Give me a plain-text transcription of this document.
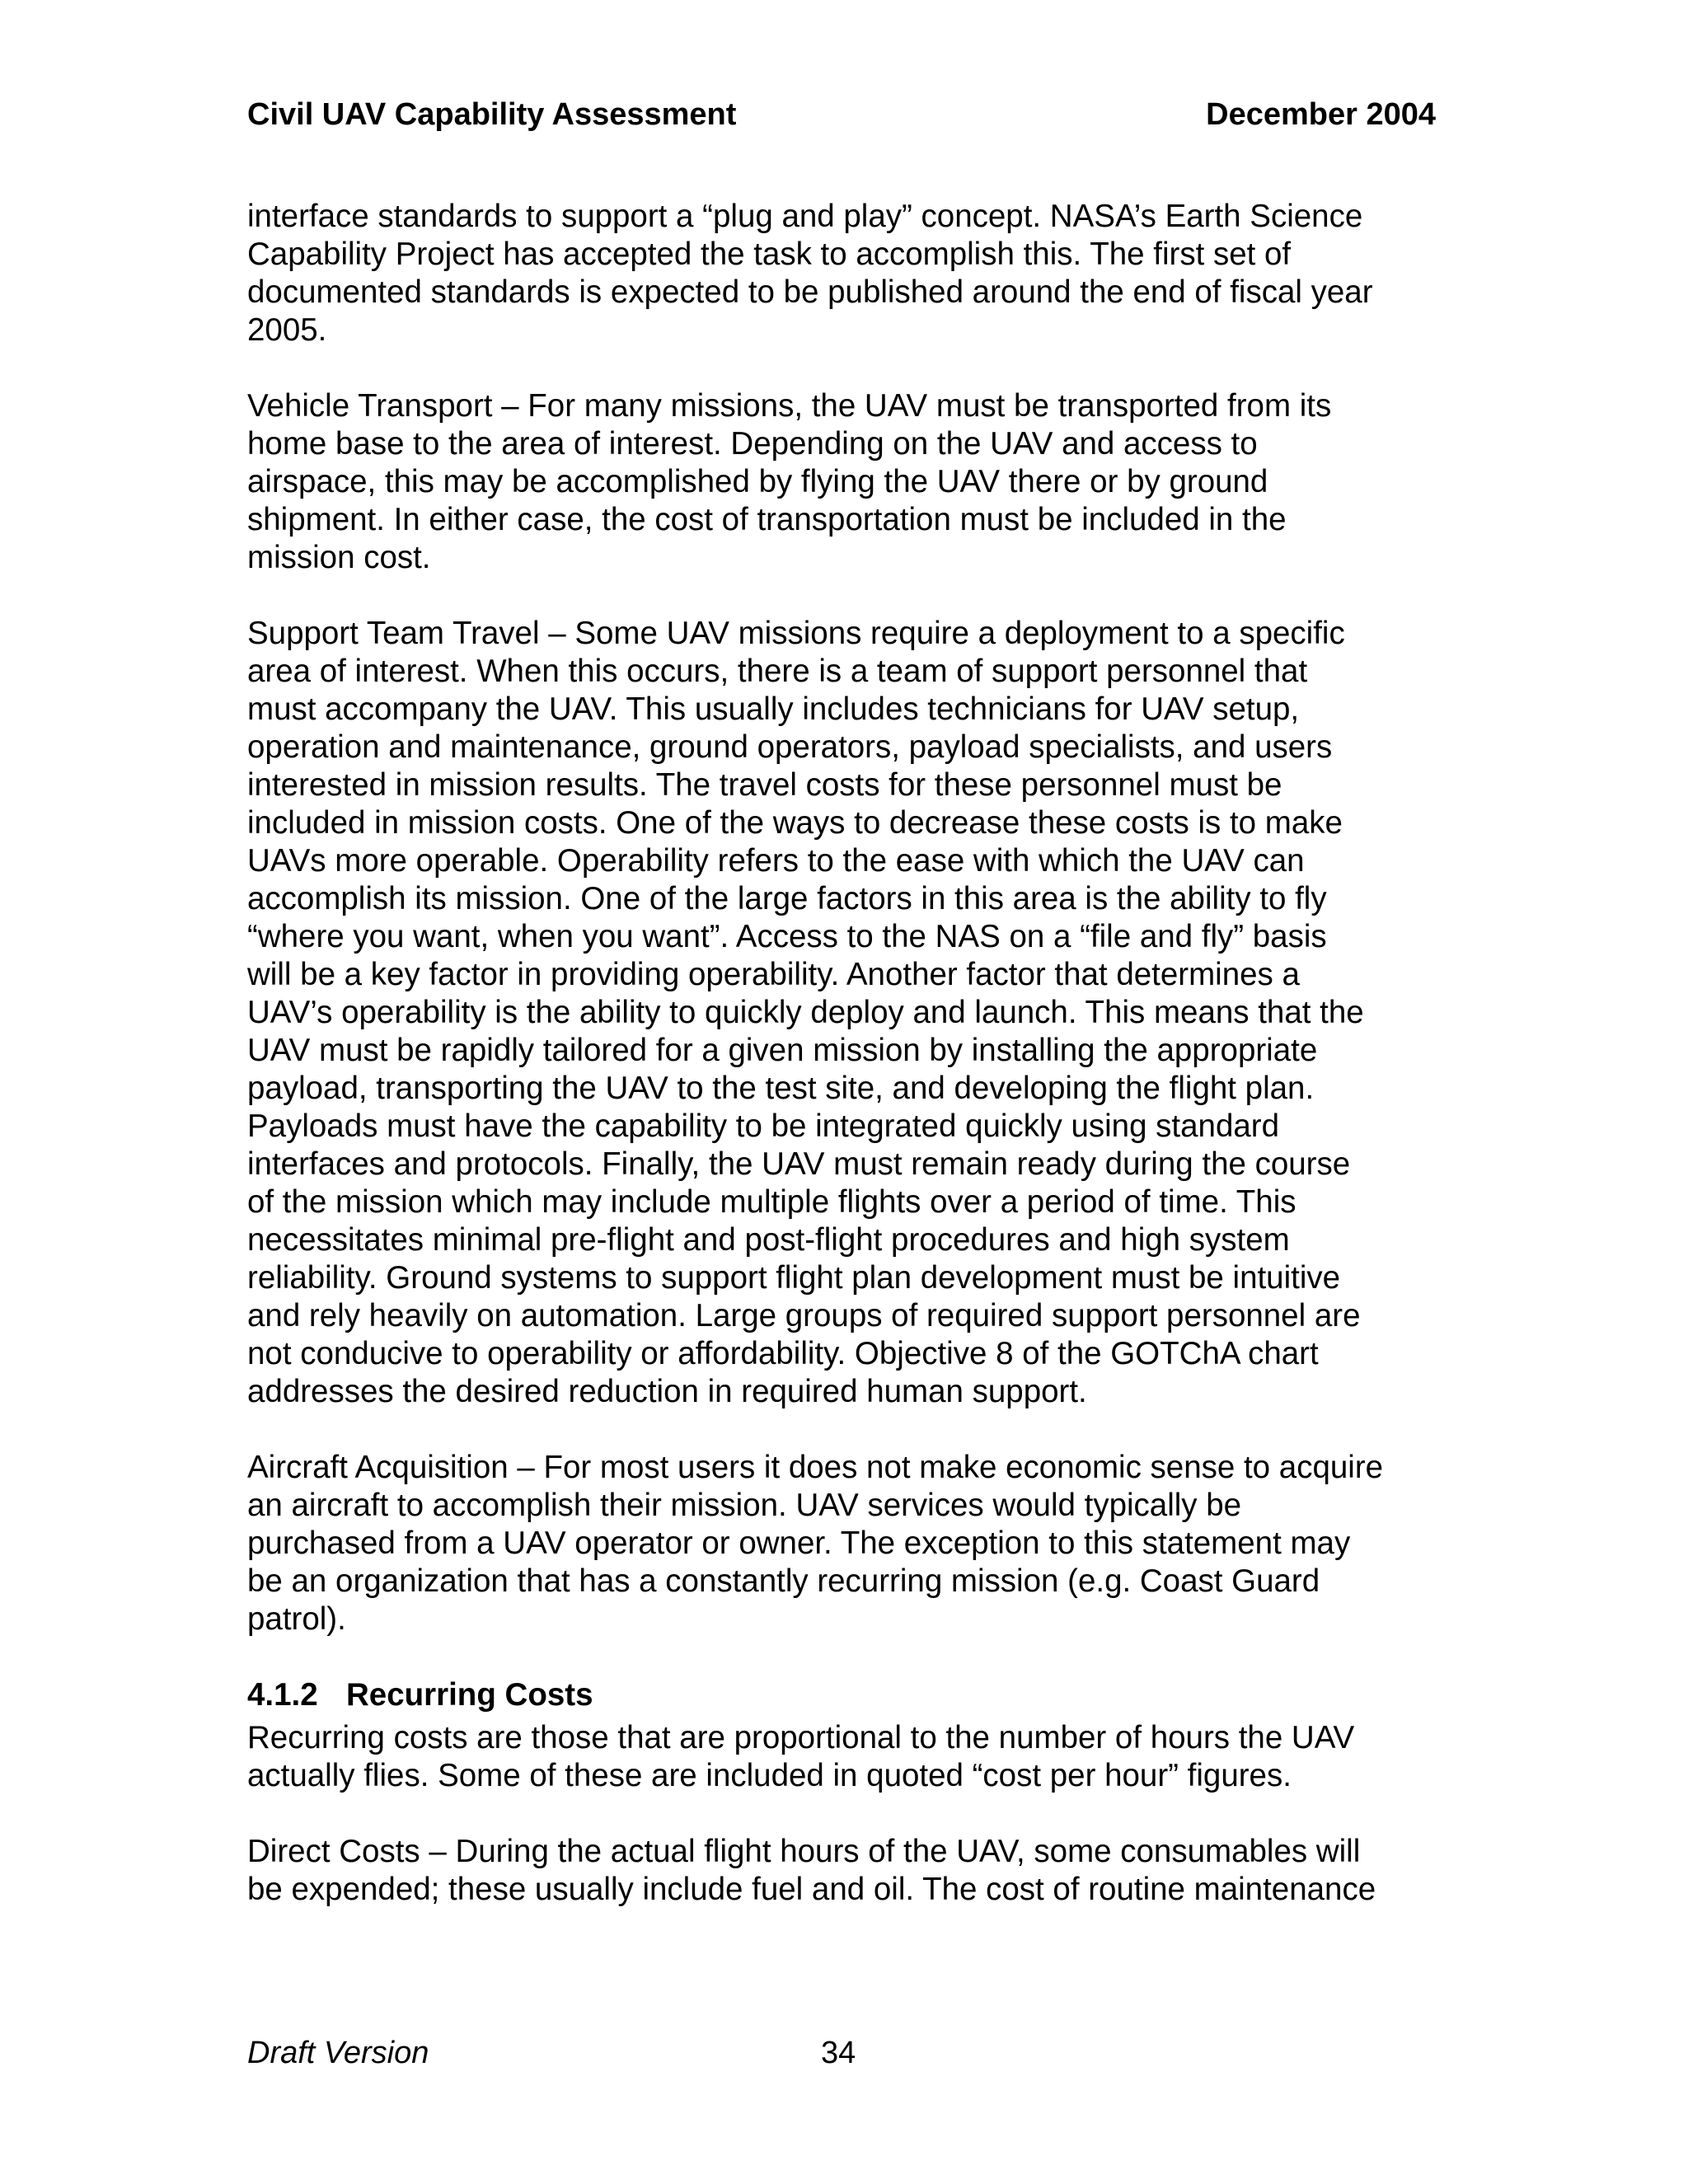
Civil UAV Capability Assessment	December 2004

interface standards to support a “plug and play” concept. NASA’s Earth Science
Capability Project has accepted the task to accomplish this. The first set of
documented standards is expected to be published around the end of fiscal year
2005.

Vehicle Transport – For many missions, the UAV must be transported from its
home base to the area of interest. Depending on the UAV and access to
airspace, this may be accomplished by flying the UAV there or by ground
shipment. In either case, the cost of transportation must be included in the
mission cost.

Support Team Travel – Some UAV missions require a deployment to a specific
area of interest. When this occurs, there is a team of support personnel that
must accompany the UAV. This usually includes technicians for UAV setup,
operation and maintenance, ground operators, payload specialists, and users
interested in mission results. The travel costs for these personnel must be
included in mission costs. One of the ways to decrease these costs is to make
UAVs more operable. Operability refers to the ease with which the UAV can
accomplish its mission. One of the large factors in this area is the ability to fly
“where you want, when you want”. Access to the NAS on a “file and fly” basis
will be a key factor in providing operability. Another factor that determines a
UAV’s operability is the ability to quickly deploy and launch. This means that the
UAV must be rapidly tailored for a given mission by installing the appropriate
payload, transporting the UAV to the test site, and developing the flight plan.
Payloads must have the capability to be integrated quickly using standard
interfaces and protocols. Finally, the UAV must remain ready during the course
of the mission which may include multiple flights over a period of time. This
necessitates minimal pre-flight and post-flight procedures and high system
reliability. Ground systems to support flight plan development must be intuitive
and rely heavily on automation. Large groups of required support personnel are
not conducive to operability or affordability. Objective 8 of the GOTChA chart
addresses the desired reduction in required human support.

Aircraft Acquisition – For most users it does not make economic sense to acquire
an aircraft to accomplish their mission. UAV services would typically be
purchased from a UAV operator or owner. The exception to this statement may
be an organization that has a constantly recurring mission (e.g. Coast Guard
patrol).

4.1.2 Recurring Costs

Recurring costs are those that are proportional to the number of hours the UAV
actually flies. Some of these are included in quoted “cost per hour” figures.

Direct Costs – During the actual flight hours of the UAV, some consumables will
be expended; these usually include fuel and oil. The cost of routine maintenance

Draft Version	34
